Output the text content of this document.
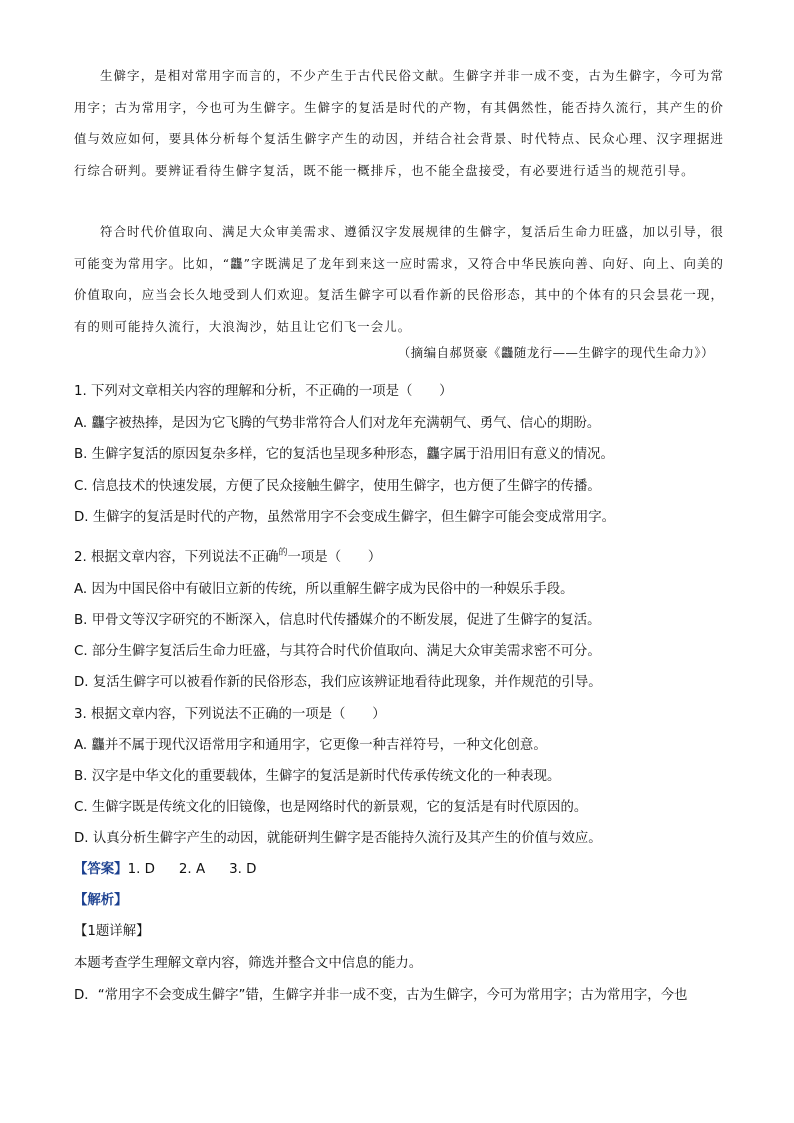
生僻字，是相对常用字而言的，不少产生于古代民俗文献。生僻字并非一成不变，古为生僻字，今可为常用字；古为常用字，今也可为生僻字。生僻字的复活是时代的产物，有其偶然性，能否持久流行，其产生的价值与效应如何，要具体分析每个复活生僻字产生的动因，并结合社会背景、时代特点、民众心理、汉字理据进行综合研判。要辨证看待生僻字复活，既不能一概排斥，也不能全盘接受，有必要进行适当的规范引导。
符合时代价值取向、满足大众审美需求、遵循汉字发展规律的生僻字，复活后生命力旺盛，加以引导，很可能变为常用字。比如，“龘”字既满足了龙年到来这一应时需求，又符合中华民族向善、向好、向上、向美的价值取向，应当会长久地受到人们欢迎。复活生僻字可以看作新的民俗形态，其中的个体有的只会昙花一现，有的则可能持久流行，大浪淘沙，姑且让它们飞一会儿。
（摘编自郝贤豪《龘随龙行——生僻字的现代生命力》）
1. 下列对文章相关内容的理解和分析，不正确的一项是（　　）
A. 龘字被热捧，是因为它飞腾的气势非常符合人们对龙年充满朝气、勇气、信心的期盼。
B. 生僻字复活的原因复杂多样，它的复活也呈现多种形态，龘字属于沿用旧有意义的情况。
C. 信息技术的快速发展，方便了民众接触生僻字，使用生僻字，也方便了生僻字的传播。
D. 生僻字的复活是时代的产物，虽然常用字不会变成生僻字，但生僻字可能会变成常用字。
2. 根据文章内容，下列说法不正确$^的$一项是（　　）
A. 因为中国民俗中有破旧立新的传统，所以重解生僻字成为民俗中的一种娱乐手段。
B. 甲骨文等汉字研究的不断深入，信息时代传播媒介的不断发展，促进了生僻字的复活。
C. 部分生僻字复活后生命力旺盛，与其符合时代价值取向、满足大众审美需求密不可分。
D. 复活生僻字可以被看作新的民俗形态，我们应该辨证地看待此现象，并作规范的引导。
3. 根据文章内容，下列说法不正确的一项是（　　）
A. 龘并不属于现代汉语常用字和通用字，它更像一种吉祥符号，一种文化创意。
B. 汉字是中华文化的重要载体，生僻字的复活是新时代传承传统文化的一种表现。
C. 生僻字既是传统文化的旧镜像，也是网络时代的新景观，它的复活是有时代原因的。
D. 认真分析生僻字产生的动因，就能研判生僻字是否能持久流行及其产生的价值与效应。
【答案】1. D 2. A 3. D
【解析】
【1题详解】
本题考查学生理解文章内容，筛选并整合文中信息的能力。
D．“常用字不会变成生僻字”错，生僻字并非一成不变，古为生僻字，今可为常用字；古为常用字，今也
